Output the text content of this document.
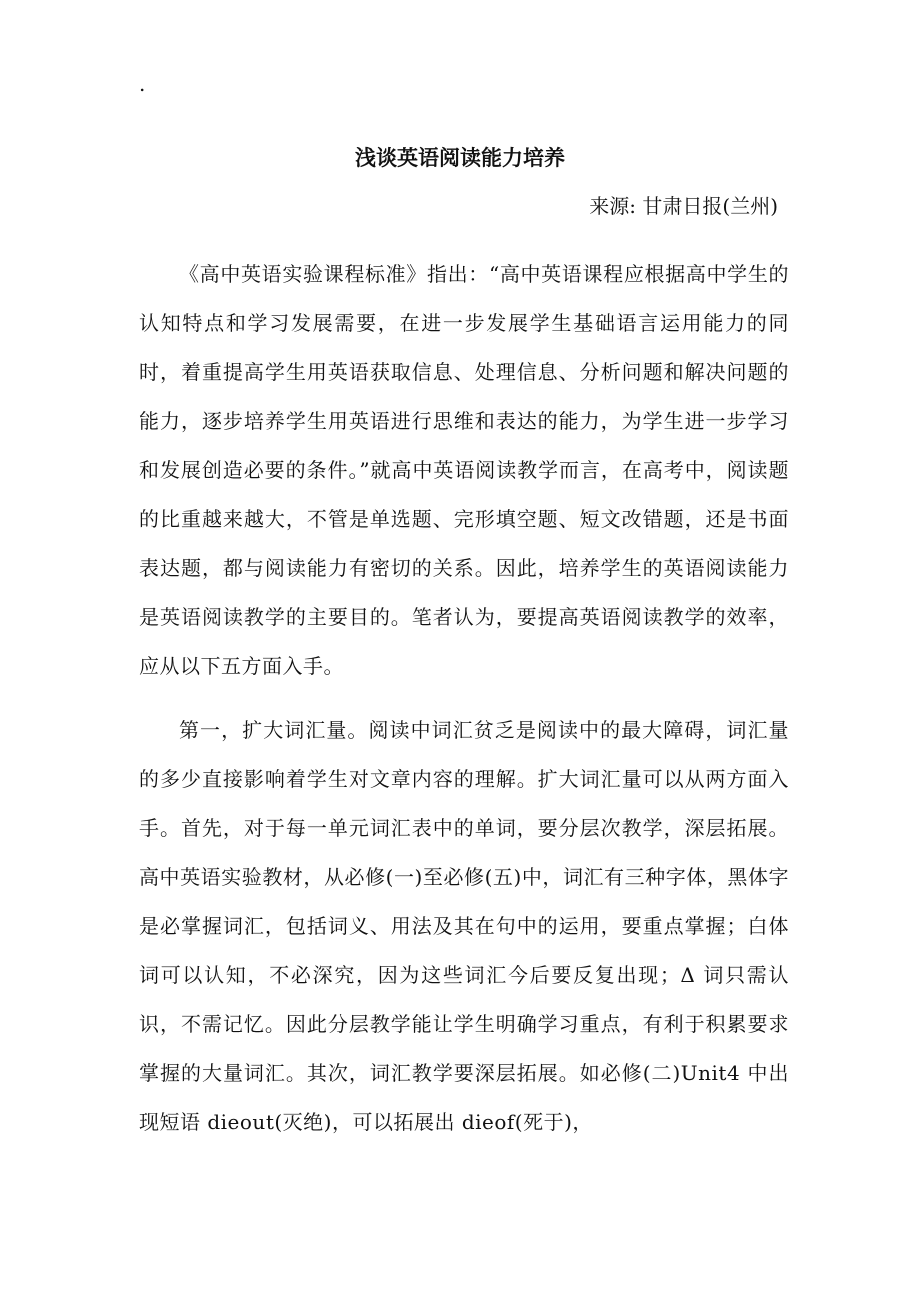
.
浅谈英语阅读能力培养
来源: 甘肃日报(兰州)

《高中英语实验课程标准》指出：“高中英语课程应根据高中学生的认知特点和学习发展需要，在进一步发展学生基础语言运用能力的同时，着重提高学生用英语获取信息、处理信息、分析问题和解决问题的能力，逐步培养学生用英语进行思维和表达的能力，为学生进一步学习和发展创造必要的条件。”就高中英语阅读教学而言，在高考中，阅读题的比重越来越大，不管是单选题、完形填空题、短文改错题，还是书面表达题，都与阅读能力有密切的关系。因此，培养学生的英语阅读能力是英语阅读教学的主要目的。笔者认为，要提高英语阅读教学的效率，应从以下五方面入手。

第一，扩大词汇量。阅读中词汇贫乏是阅读中的最大障碍，词汇量的多少直接影响着学生对文章内容的理解。扩大词汇量可以从两方面入手。首先，对于每一单元词汇表中的单词，要分层次教学，深层拓展。高中英语实验教材，从必修(一)至必修(五)中，词汇有三种字体，黑体字是必掌握词汇，包括词义、用法及其在句中的运用，要重点掌握；白体词可以认知，不必深究，因为这些词汇今后要反复出现；Δ 词只需认识，不需记忆。因此分层教学能让学生明确学习重点，有利于积累要求掌握的大量词汇。其次，词汇教学要深层拓展。如必修(二)Unit4 中出现短语 dieout(灭绝)，可以拓展出 dieof(死于)，
